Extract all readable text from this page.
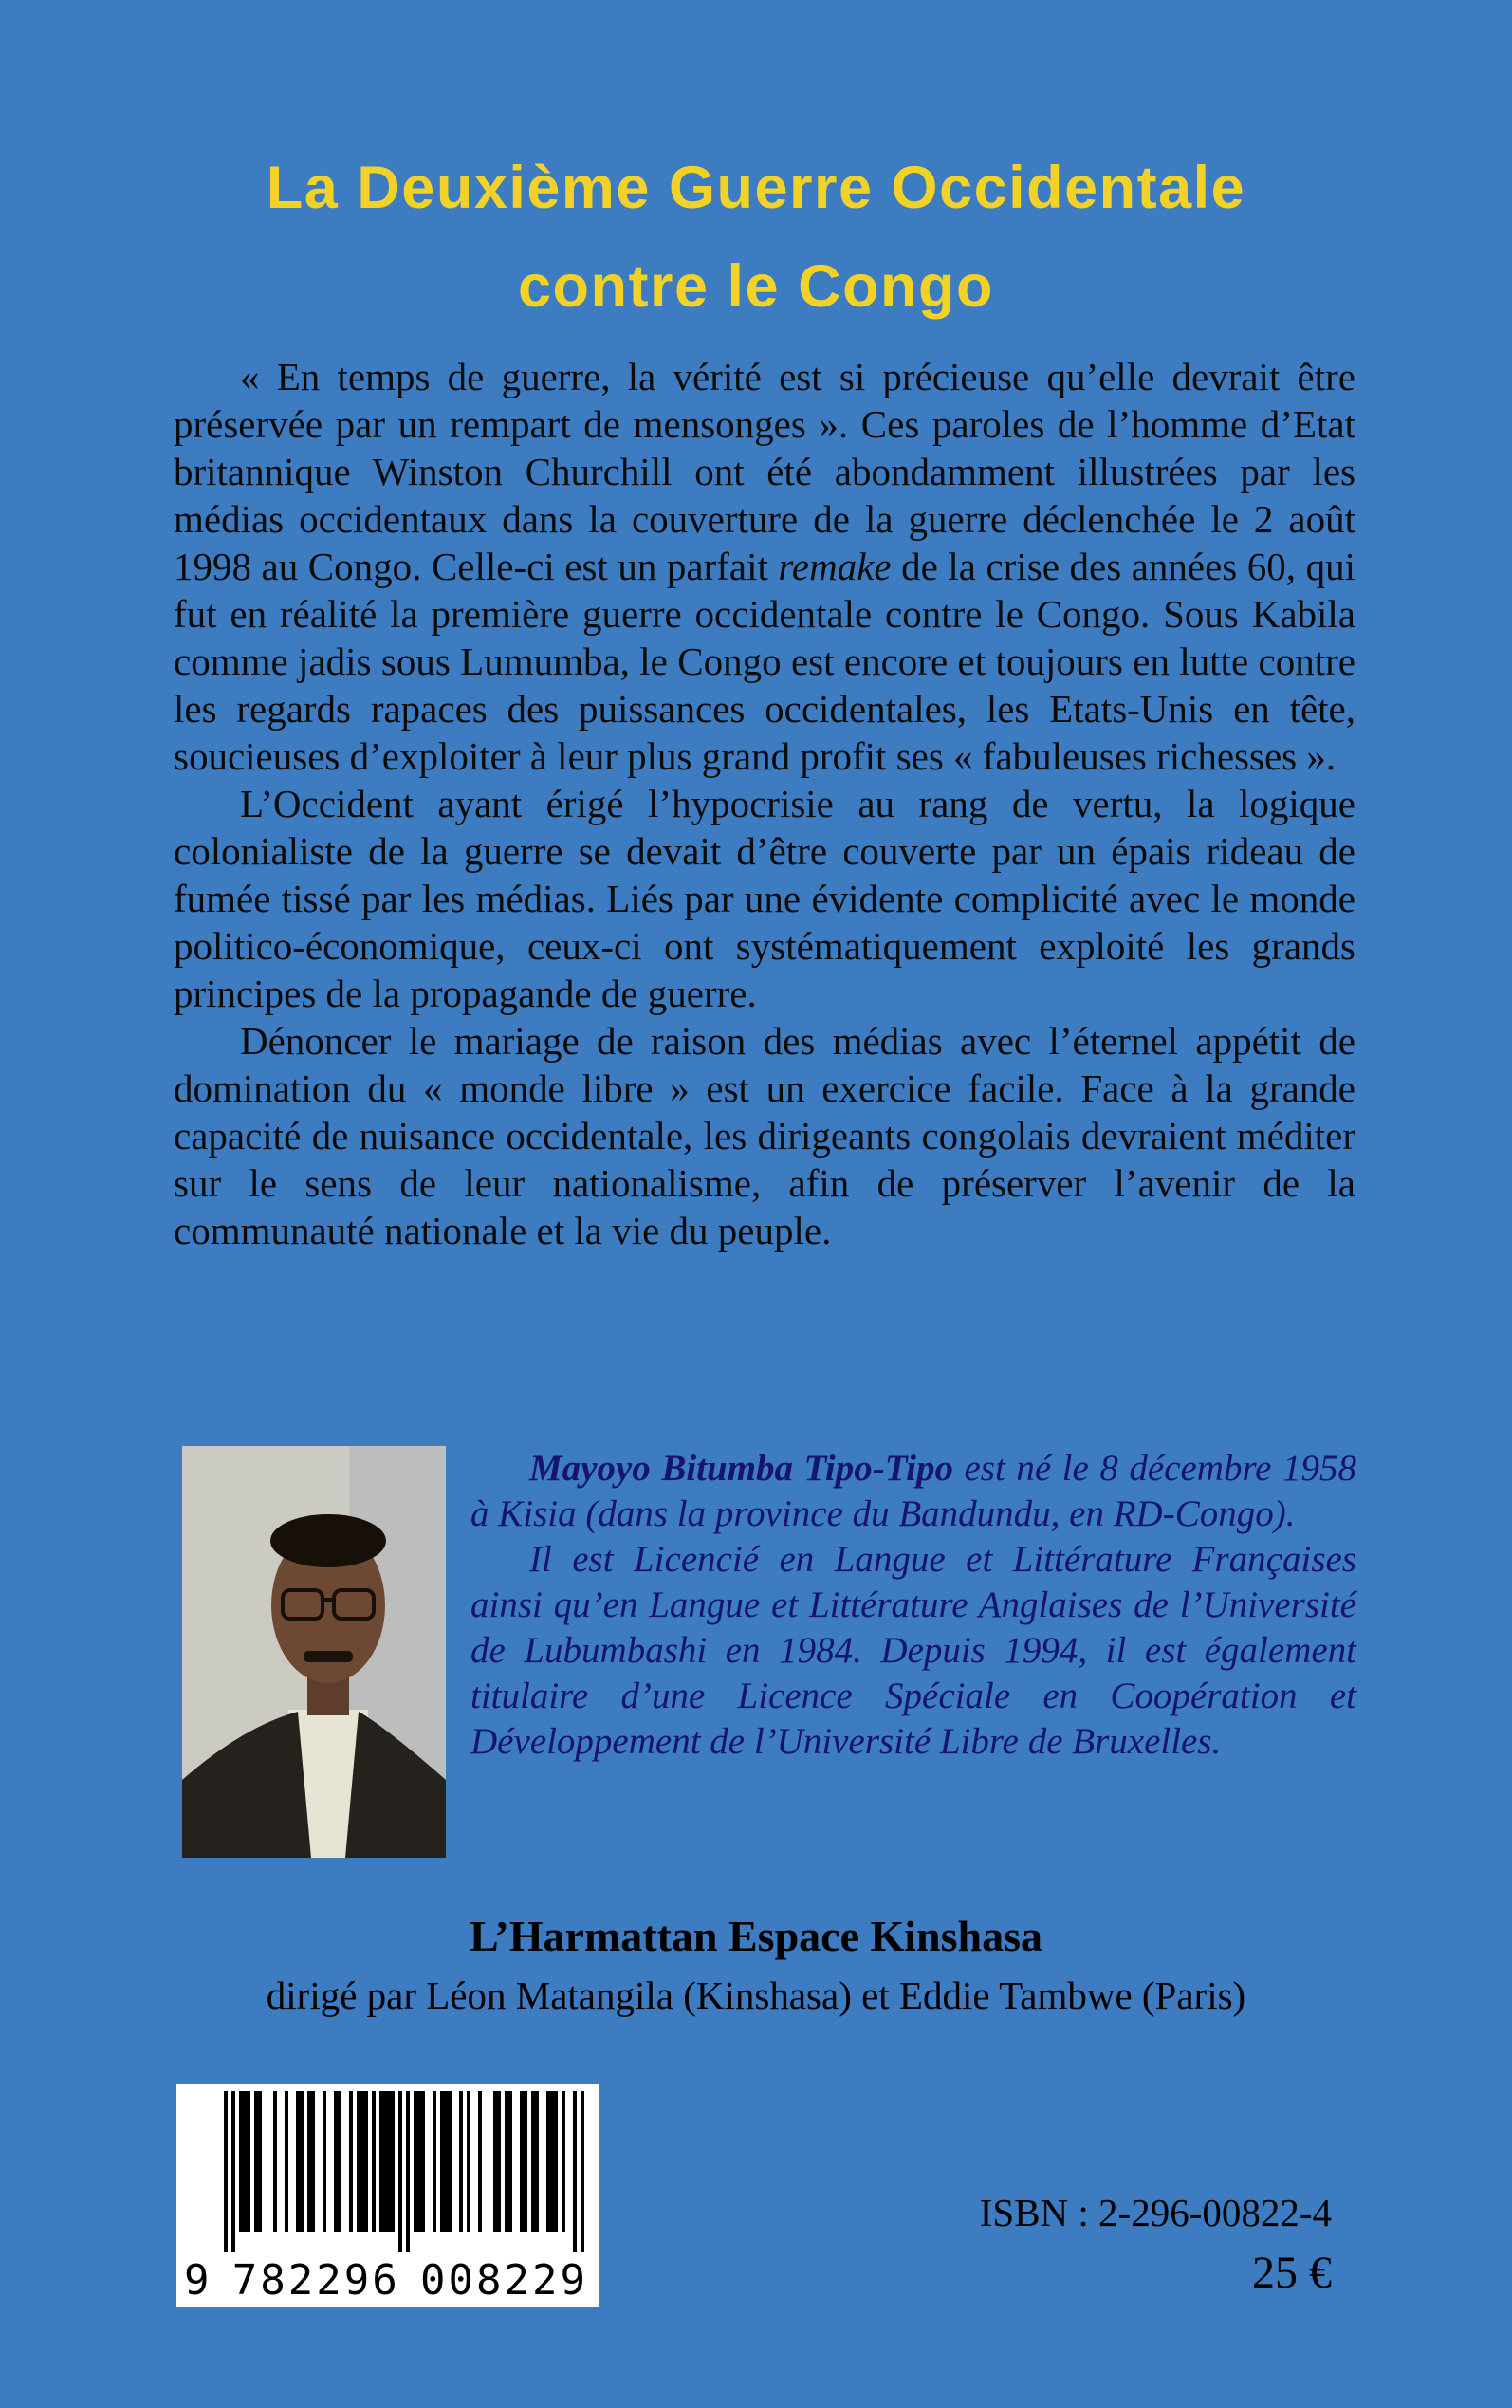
La Deuxième Guerre Occidentale
contre le Congo

« En temps de guerre, la vérité est si précieuse qu’elle devrait être préservée par un rempart de mensonges ». Ces paroles de l’homme d’Etat britannique Winston Churchill ont été abondamment illustrées par les médias occidentaux dans la couverture de la guerre déclenchée le 2 août 1998 au Congo. Celle-ci est un parfait remake de la crise des années 60, qui fut en réalité la première guerre occidentale contre le Congo. Sous Kabila comme jadis sous Lumumba, le Congo est encore et toujours en lutte contre les regards rapaces des puissances occidentales, les Etats-Unis en tête, soucieuses d’exploiter à leur plus grand profit ses « fabuleuses richesses ».

L’Occident ayant érigé l’hypocrisie au rang de vertu, la logique colonialiste de la guerre se devait d’être couverte par un épais rideau de fumée tissé par les médias. Liés par une évidente complicité avec le monde politico-économique, ceux-ci ont systématiquement exploité les grands principes de la propagande de guerre.

Dénoncer le mariage de raison des médias avec l’éternel appétit de domination du « monde libre » est un exercice facile. Face à la grande capacité de nuisance occidentale, les dirigeants congolais devraient méditer sur le sens de leur nationalisme, afin de préserver l’avenir de la communauté nationale et la vie du peuple.

Mayoyo Bitumba Tipo-Tipo est né le 8 décembre 1958 à Kisia (dans la province du Bandundu, en RD-Congo).

Il est Licencié en Langue et Littérature Françaises ainsi qu’en Langue et Littérature Anglaises de l’Université de Lubumbashi en 1984. Depuis 1994, il est également titulaire d’une Licence Spéciale en Coopération et Développement de l’Université Libre de Bruxelles.

L’Harmattan Espace Kinshasa
dirigé par Léon Matangila (Kinshasa) et Eddie Tambwe (Paris)
9 782296 008229
ISBN : 2-296-00822-4
25 €
